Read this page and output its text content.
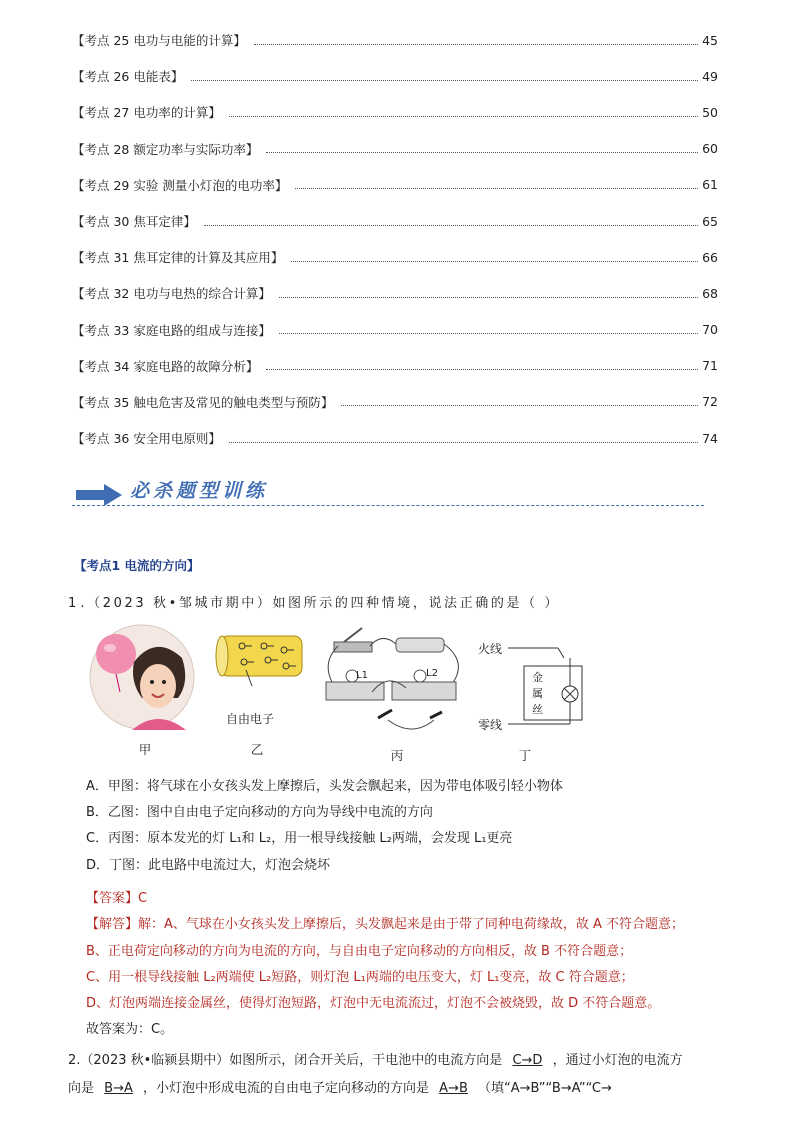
【考点 25 电功与电能的计算】	45
【考点 26 电能表】	49
【考点 27 电功率的计算】	50
【考点 28 额定功率与实际功率】	60
【考点 29 实验 测量小灯泡的电功率】	61
【考点 30 焦耳定律】	65
【考点 31 焦耳定律的计算及其应用】	66
【考点 32 电功与电热的综合计算】	68
【考点 33 家庭电路的组成与连接】	70
【考点 34 家庭电路的故障分析】	71
【考点 35 触电危害及常见的触电类型与预防】	72
【考点 36 安全用电原则】	74
必杀题型训练
【考点1 电流的方向】
1 .（2023 秋•邹城市期中）如图所示的四种情境，说法正确的是（ ）
甲
自由电子
乙
L1	L2
丙
火线
零线
金
属
丝
丁
A．甲图：将气球在小女孩头发上摩擦后，头发会飘起来，因为带电体吸引轻小物体
B．乙图：图中自由电子定向移动的方向为导线中电流的方向
C．丙图：原本发光的灯 L₁和 L₂，用一根导线接触 L₂两端，会发现 L₁更亮
D．丁图：此电路中电流过大，灯泡会烧坏
【答案】C
【解答】解：A、气球在小女孩头发上摩擦后，头发飘起来是由于带了同种电荷缘故，故 A 不符合题意；
B、正电荷定向移动的方向为电流的方向，与自由电子定向移动的方向相反，故 B 不符合题意；
C、用一根导线接触 L₂两端使 L₂短路，则灯泡 L₁两端的电压变大，灯 L₁变亮，故 C 符合题意；
D、灯泡两端连接金属丝，使得灯泡短路，灯泡中无电流流过，灯泡不会被烧毁，故 D 不符合题意。
故答案为：C。
2.（2023 秋•临颍县期中）如图所示，闭合开关后，干电池中的电流方向是 C→D ，通过小灯泡的电流方
向是 B→A ，小灯泡中形成电流的自由电子定向移动的方向是 A→B （填“A→B”“B→A”“C→
